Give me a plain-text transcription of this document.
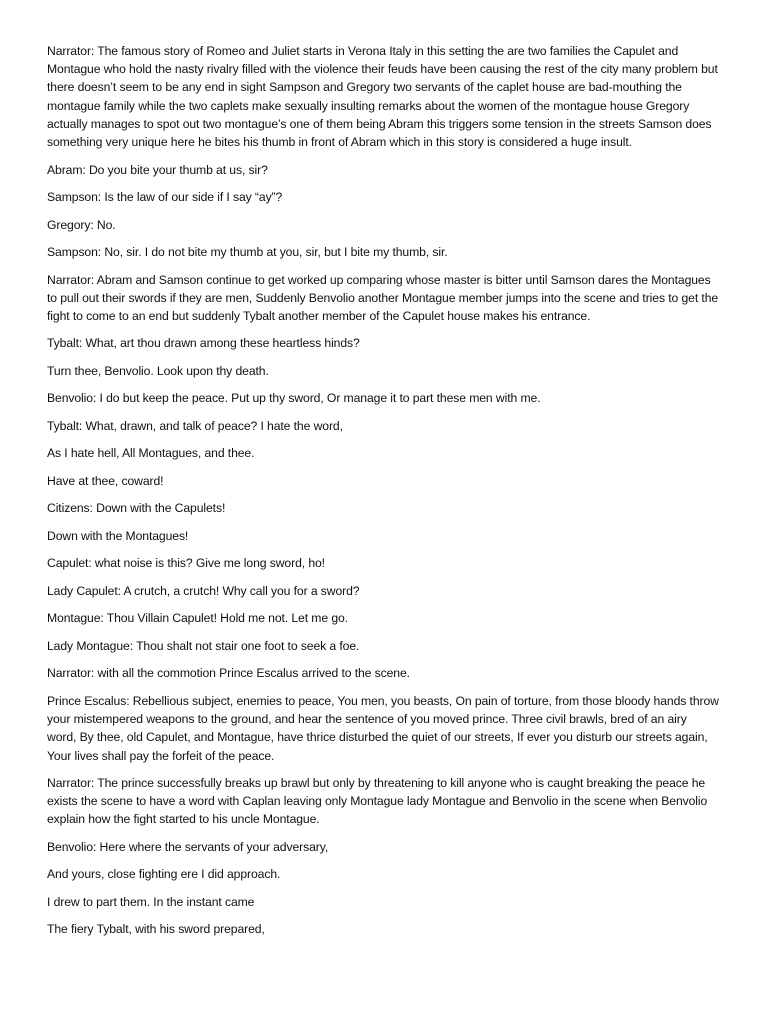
Narrator: The famous story of Romeo and Juliet starts in Verona Italy in this setting the are two families the Capulet and Montague who hold the nasty rivalry filled with the violence their feuds have been causing the rest of the city many problem but there doesn’t seem to be any end in sight Sampson and Gregory two servants of the caplet house are bad-mouthing the montague family while the two caplets make sexually insulting remarks about the women of the montague house Gregory actually manages to spot out two montague’s one of them being Abram this triggers some tension in the streets Samson does something very unique here he bites his thumb in front of Abram which in this story is considered a huge insult.

Abram: Do you bite your thumb at us, sir?

Sampson: Is the law of our side if I say “ay”?

Gregory: No.

Sampson: No, sir. I do not bite my thumb at you, sir, but I bite my thumb, sir.

Narrator: Abram and Samson continue to get worked up comparing whose master is bitter until Samson dares the Montagues to pull out their swords if they are men, Suddenly Benvolio another Montague member jumps into the scene and tries to get the fight to come to an end but suddenly Tybalt another member of the Capulet house makes his entrance.

Tybalt: What, art thou drawn among these heartless hinds?

Turn thee, Benvolio. Look upon thy death.

Benvolio: I do but keep the peace. Put up thy sword, Or manage it to part these men with me.

Tybalt: What, drawn, and talk of peace? I hate the word,

As I hate hell, All Montagues, and thee.

Have at thee, coward!

Citizens: Down with the Capulets!

Down with the Montagues!

Capulet: what noise is this? Give me long sword, ho!

Lady Capulet: A crutch, a crutch! Why call you for a sword?

Montague: Thou Villain Capulet! Hold me not. Let me go.

Lady Montague: Thou shalt not stair one foot to seek a foe.

Narrator: with all the commotion Prince Escalus arrived to the scene.

Prince Escalus: Rebellious subject, enemies to peace, You men, you beasts, On pain of torture, from those bloody hands throw your mistempered weapons to the ground, and hear the sentence of you moved prince. Three civil brawls, bred of an airy word, By thee, old Capulet, and Montague, have thrice disturbed the quiet of our streets, If ever you disturb our streets again, Your lives shall pay the forfeit of the peace.

Narrator: The prince successfully breaks up brawl but only by threatening to kill anyone who is caught breaking the peace he exists the scene to have a word with Caplan leaving only Montague lady Montague and Benvolio in the scene when Benvolio explain how the fight started to his uncle Montague.

Benvolio: Here where the servants of your adversary,

And yours, close fighting ere I did approach.

I drew to part them. In the instant came

The fiery Tybalt, with his sword prepared,
